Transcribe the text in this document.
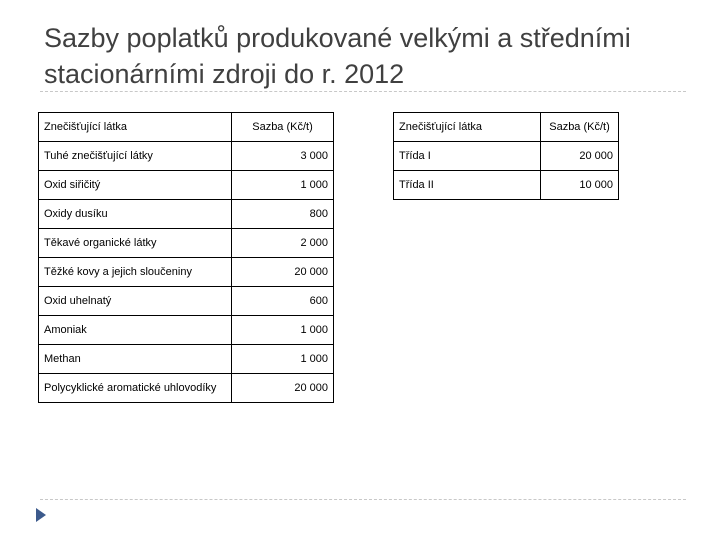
Sazby poplatků produkované velkými a středními stacionárními zdroji do r. 2012
Znečišťující látka	Sazba (Kč/t)
Tuhé znečišťující látky	3 000
Oxid siřičitý	1 000
Oxidy dusíku	800
Těkavé organické látky	2 000
Těžké kovy a jejich sloučeniny	20 000
Oxid uhelnatý	600
Amoniak	1 000
Methan	1 000
Polycyklické aromatické uhlovodíky	20 000
Znečišťující látka	Sazba (Kč/t)
Třída I	20 000
Třída II	10 000
